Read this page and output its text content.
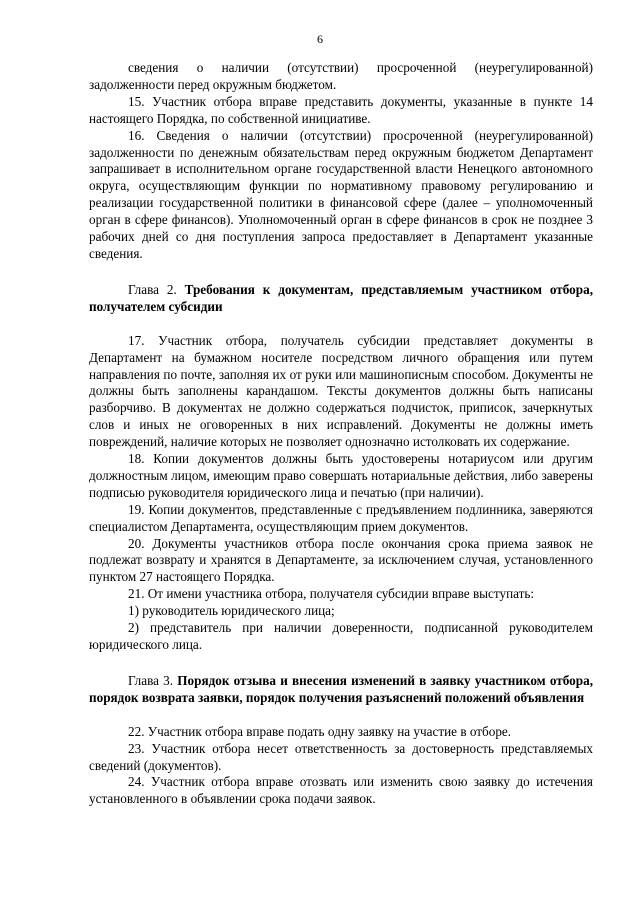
6

сведения о наличии (отсутствии) просроченной (неурегулированной) задолженности перед окружным бюджетом.

15. Участник отбора вправе представить документы, указанные в пункте 14 настоящего Порядка, по собственной инициативе.

16. Сведения о наличии (отсутствии) просроченной (неурегулированной) задолженности по денежным обязательствам перед окружным бюджетом Департамент запрашивает в исполнительном органе государственной власти Ненецкого автономного округа, осуществляющим функции по нормативному правовому регулированию и реализации государственной политики в финансовой сфере (далее – уполномоченный орган в сфере финансов). Уполномоченный орган в сфере финансов в срок не позднее 3 рабочих дней со дня поступления запроса предоставляет в Департамент указанные сведения.

Глава 2. Требования к документам, представляемым участником отбора, получателем субсидии

17. Участник отбора, получатель субсидии представляет документы в Департамент на бумажном носителе посредством личного обращения или путем направления по почте, заполняя их от руки или машинописным способом. Документы не должны быть заполнены карандашом. Тексты документов должны быть написаны разборчиво. В документах не должно содержаться подчисток, приписок, зачеркнутых слов и иных не оговоренных в них исправлений. Документы не должны иметь повреждений, наличие которых не позволяет однозначно истолковать их содержание.

18. Копии документов должны быть удостоверены нотариусом или другим должностным лицом, имеющим право совершать нотариальные действия, либо заверены подписью руководителя юридического лица и печатью (при наличии).

19. Копии документов, представленные с предъявлением подлинника, заверяются специалистом Департамента, осуществляющим прием документов.

20. Документы участников отбора после окончания срока приема заявок не подлежат возврату и хранятся в Департаменте, за исключением случая, установленного пунктом 27 настоящего Порядка.

21. От имени участника отбора, получателя субсидии вправе выступать:

1) руководитель юридического лица;

2) представитель при наличии доверенности, подписанной руководителем юридического лица.

Глава 3. Порядок отзыва и внесения изменений в заявку участником отбора, порядок возврата заявки, порядок получения разъяснений положений объявления

22. Участник отбора вправе подать одну заявку на участие в отборе.

23. Участник отбора несет ответственность за достоверность представляемых сведений (документов).

24. Участник отбора вправе отозвать или изменить свою заявку до истечения установленного в объявлении срока подачи заявок.
